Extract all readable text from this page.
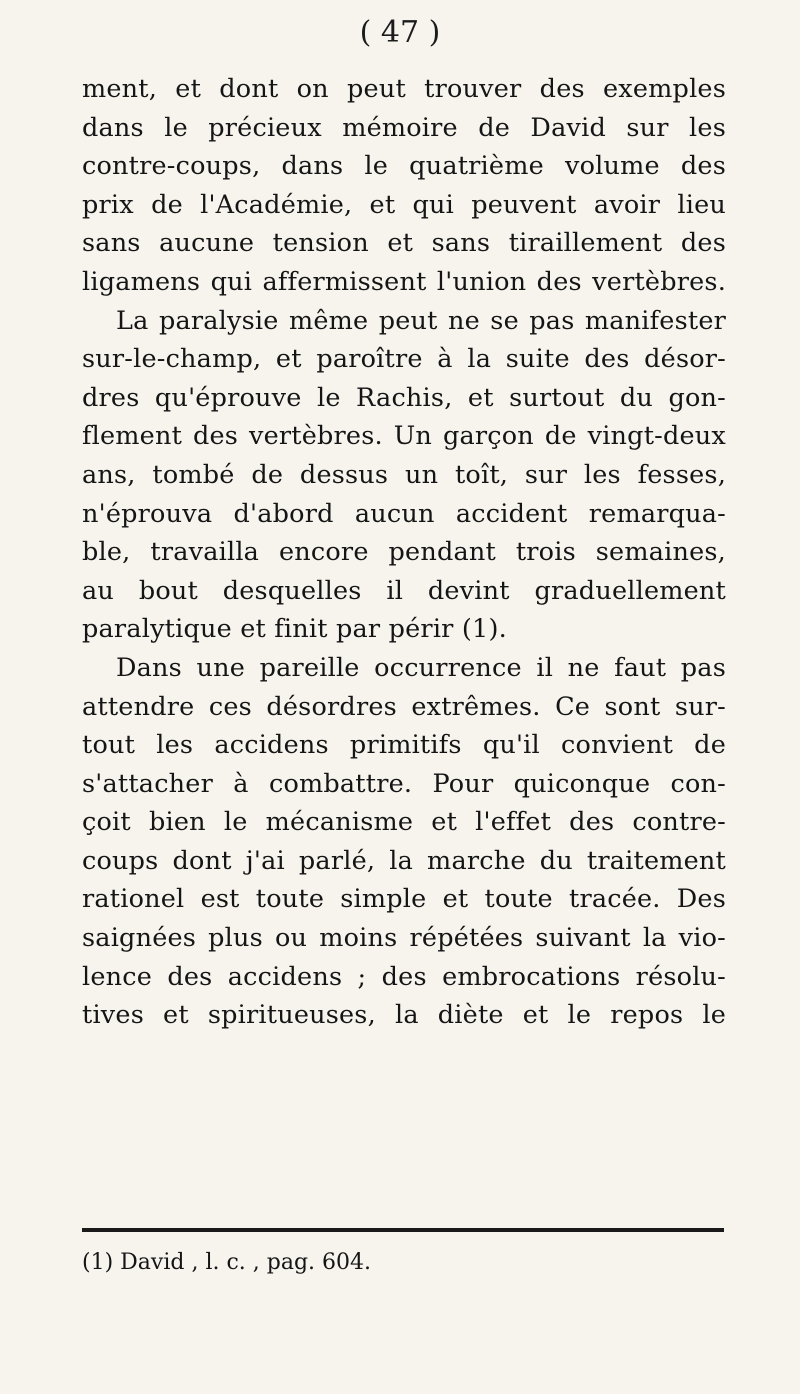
( 47 )
ment, et dont on peut trouver des exemples
dans le précieux mémoire de David sur les
contre-coups, dans le quatrième volume des
prix de l'Académie, et qui peuvent avoir lieu
sans aucune tension et sans tiraillement des
ligamens qui affermissent l'union des vertèbres.
La paralysie même peut ne se pas manifester
sur-le-champ, et paroître à la suite des désor-
dres qu'éprouve le Rachis, et surtout du gon-
flement des vertèbres. Un garçon de vingt-deux
ans, tombé de dessus un toît, sur les fesses,
n'éprouva d'abord aucun accident remarqua-
ble, travailla encore pendant trois semaines,
au bout desquelles il devint graduellement
paralytique et finit par périr (1).
Dans une pareille occurrence il ne faut pas
attendre ces désordres extrêmes. Ce sont sur-
tout les accidens primitifs qu'il convient de
s'attacher à combattre. Pour quiconque con-
çoit bien le mécanisme et l'effet des contre-
coups dont j'ai parlé, la marche du traitement
rationel est toute simple et toute tracée. Des
saignées plus ou moins répétées suivant la vio-
lence des accidens ; des embrocations résolu-
tives et spiritueuses, la diète et le repos le
(1) David , l. c. , pag. 604.
